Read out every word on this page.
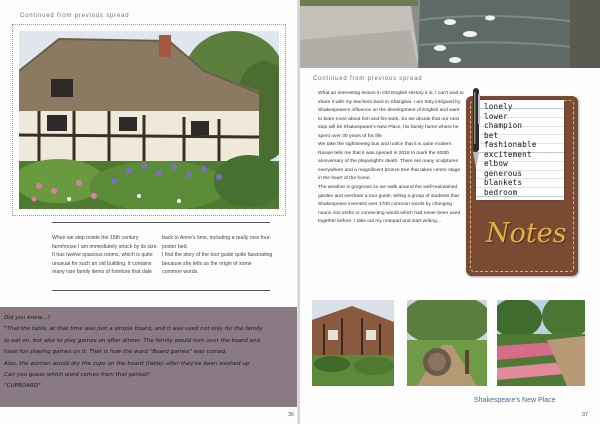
Continued from previous spread
When we step inside the 15th century
farmhouse I am immediately struck by its size.
It has twelve spacious rooms, which is quite
unusual for such an old building. It contains
many rare family items of furniture that date
back to Anne's time, including a really nice four-
poster bed.
I find the story of the tour guide quite fascinating
because she tells us the origin of some
common words.
Did you know...?
"That the table, at that time was just a simple board, and it was used not only for the family
to eat on, but also to play games on after dinner. The family would turn over the board and
have fun playing games on it. That is how the word "Board games" was coined.
Also, the women would dry the cups on the board (table) after they've been washed up.
Can you guess which word comes from that period?
"CUPBOARD"
36
Continued from previous spread

What an interesting lesson in Old English History it is. I can't wait to share it with my teachers back in Shanghai. I am truly intrigued by Shakespeare's influence on the development of English and want to learn more about him and his work. So we decide that our next stop will be Shakespeare's New Place, his family home where he spent over 30 years of his life.

We take the sightseeing bus and notice that it is quite modern. Russie tells me that it was opened in 2016 to mark the 400th anniversary of the playwright's death. There are many sculptures everywhere and a magnificent bronze tree that takes centre stage in the heart of the home.

The weather is gorgeous so we walk around the well-maintained garden and overhear a tour guide, telling a group of students that Shakespeare invented over 1700 common words by changing nouns into verbs or connecting words which had never been used together before. I take out my notepad and start writing...

lonely
lower
champion
bet
fashionable
excitement
elbow
generous
blankets
bedroom
Notes
Shakespeare's New Place
37
